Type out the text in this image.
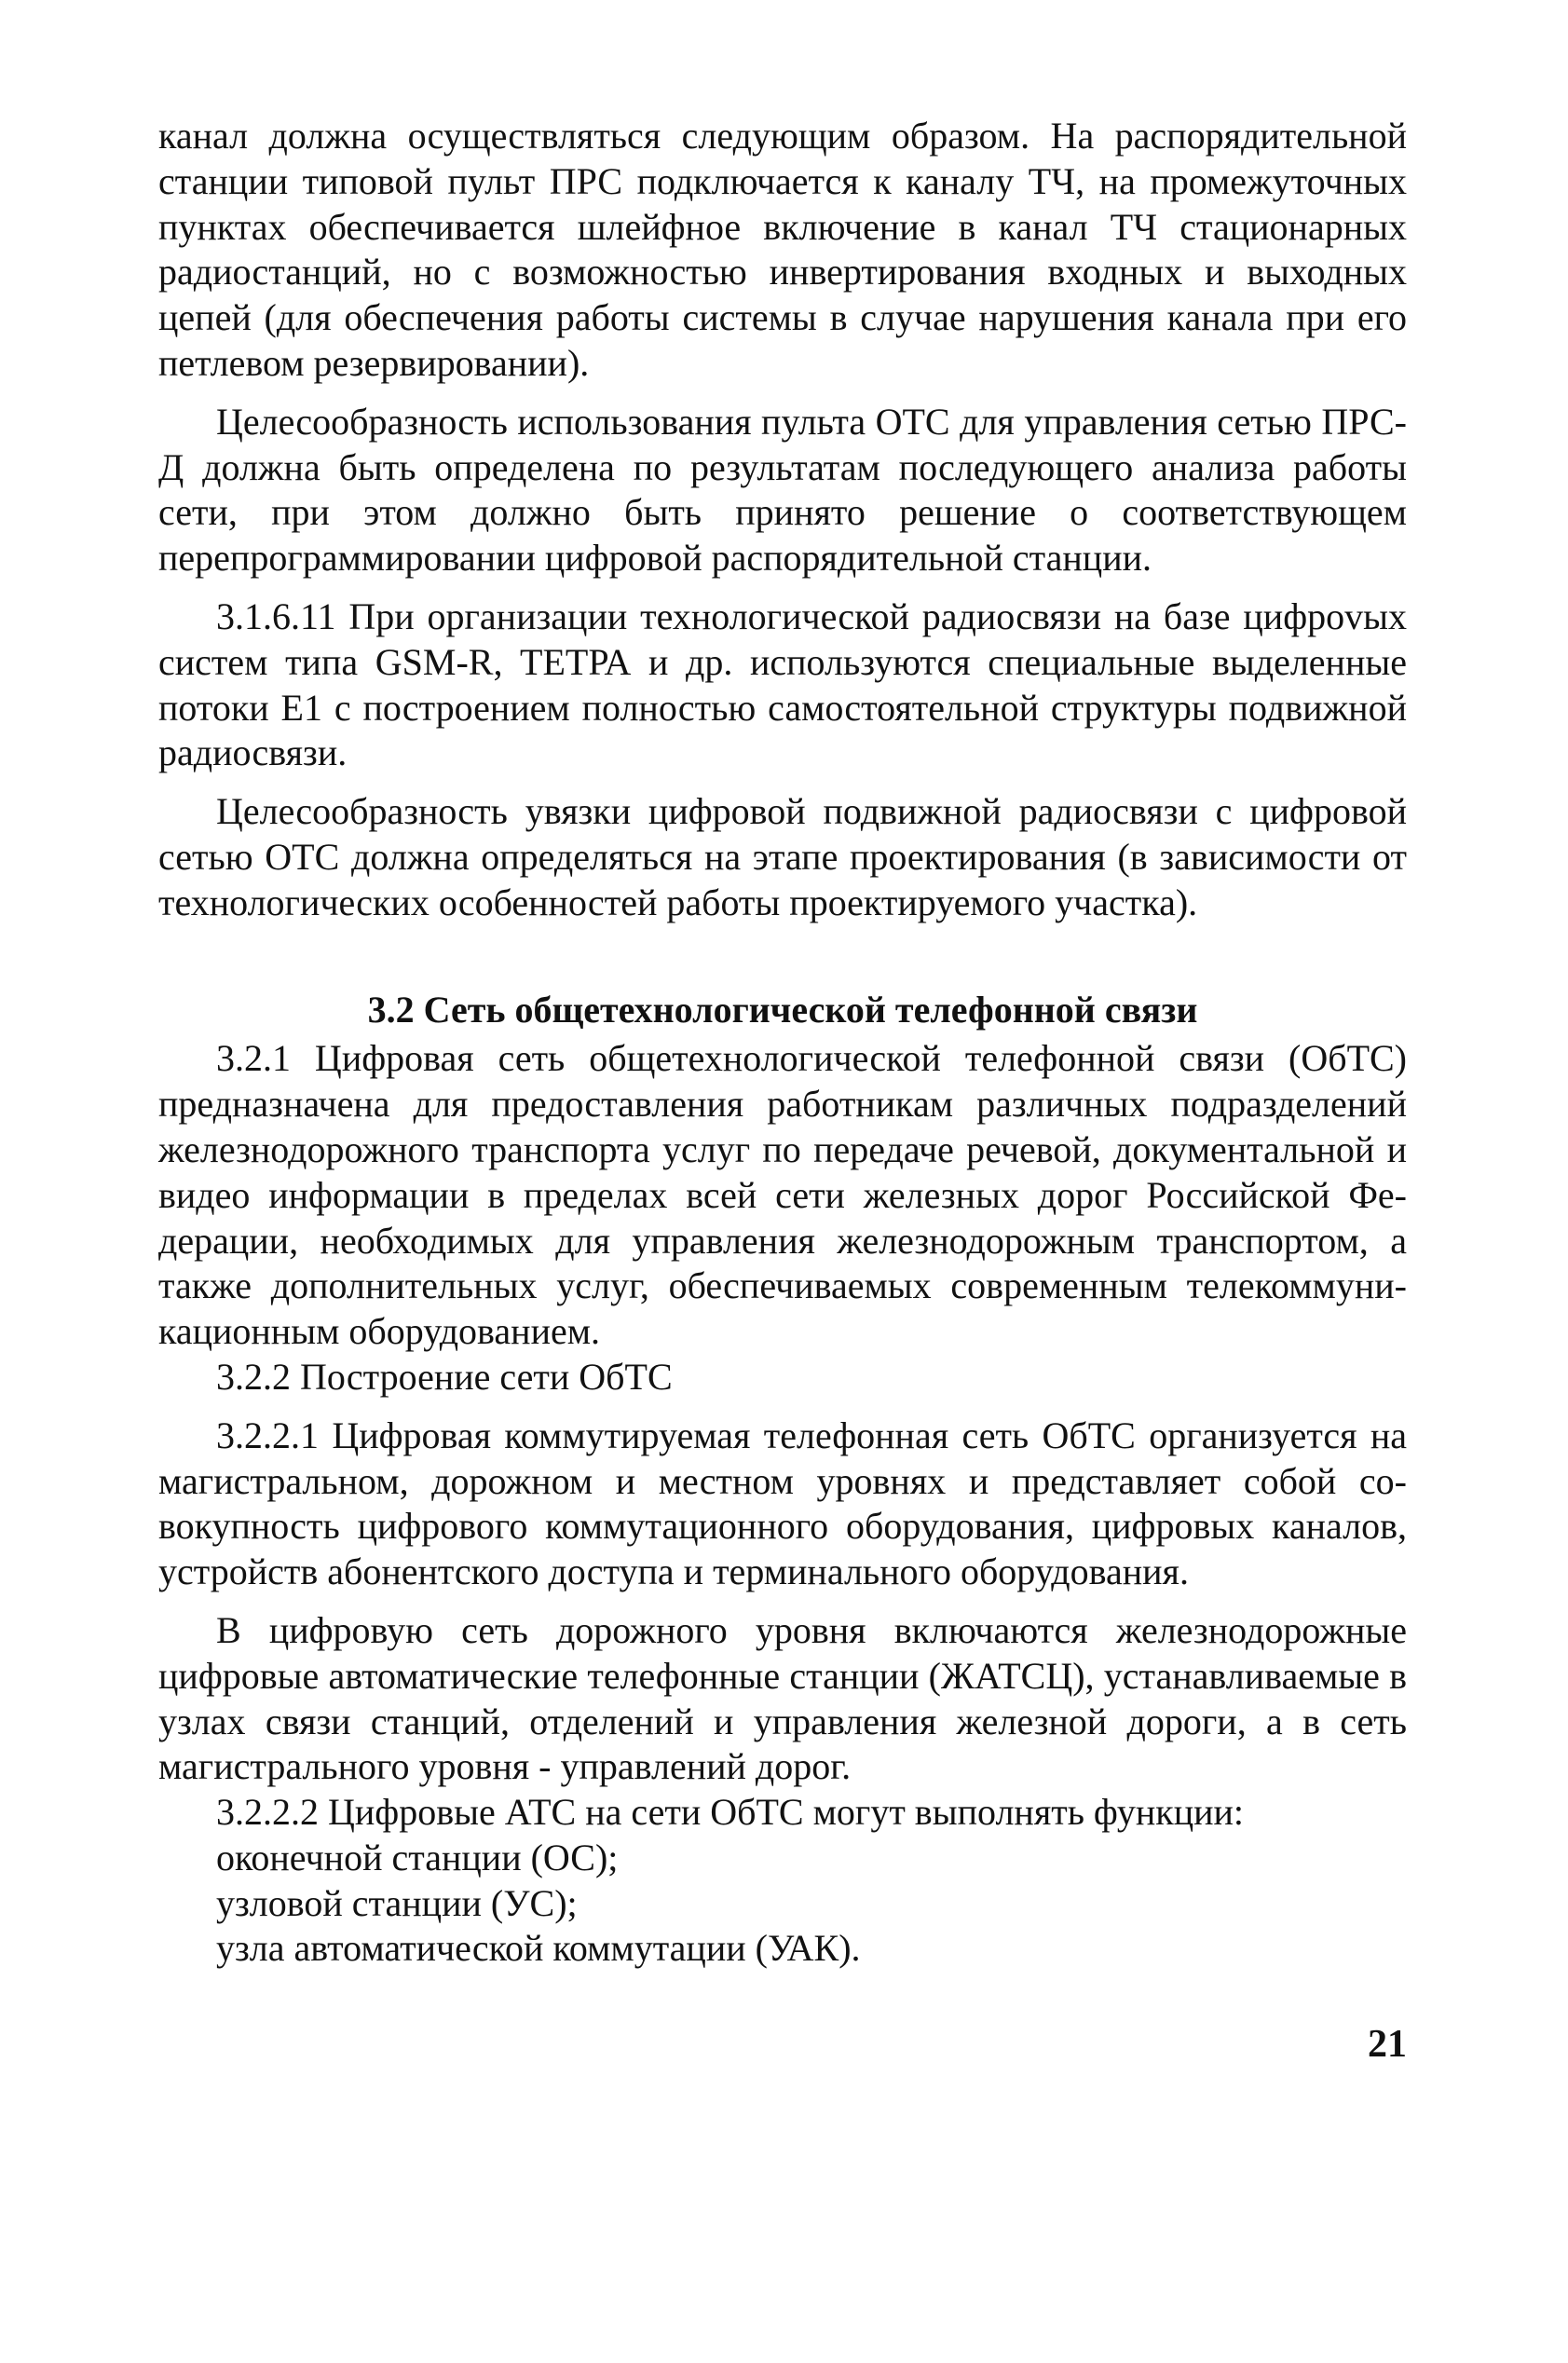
канал должна осуществляться следующим образом. На распорядительной станции типовой пульт ПРС подключается к каналу ТЧ, на промежуточных пунктах обеспечивается шлейфное включение в канал ТЧ стационарных радиостанций, но с возможностью инвертирования входных и выходных цепей (для обеспечения работы системы в случае нарушения канала при его петлевом резервировании).

Целесообразность использования пульта ОТС для управления сетью ПРС-Д должна быть определена по результатам последующего анализа работы сети, при этом должно быть принято решение о соответствующем перепрограммировании цифровой распорядительной станции.

3.1.6.11 При организации технологической радиосвязи на базе цифроvых систем типа GSM-R, ТЕТРА и др. используются специальные выделенные потоки Е1 с построением полностью самостоятельной структуры подвижной радиосвязи.

Целесообразность увязки цифровой подвижной радиосвязи с цифровой сетью ОТС должна определяться на этапе проектирования (в зависимости от технологических особенностей работы проектируемого участка).

3.2 Сеть общетехнологической телефонной связи

3.2.1 Цифровая сеть общетехнологической телефонной связи (ОбТС) предназначена для предоставления работникам различных подразделений железнодорожного транспорта услуг по передаче речевой, документальной и видео информации в пределах всей сети железных дорог Российской Федерации, необходимых для управления железнодорожным транспортом, а также дополнительных услуг, обеспечиваемых современным телекоммуникационным оборудованием.

3.2.2 Построение сети ОбТС

3.2.2.1 Цифровая коммутируемая телефонная сеть ОбТС организуется на магистральном, дорожном и местном уровнях и представляет собой совокупность цифрового коммутационного оборудования, цифровых каналов, устройств абонентского доступа и терминального оборудования.

В цифровую сеть дорожного уровня включаются железнодорожные цифровые автоматические телефонные станции (ЖАТСЦ), устанавливаемые в узлах связи станций, отделений и управления железной дороги, а в сеть магистрального уровня - управлений дорог.

3.2.2.2 Цифровые АТС на сети ОбТС могут выполнять функции:

оконечной станции (ОС);
узловой станции (УС);
узла автоматической коммутации (УАК).
21
